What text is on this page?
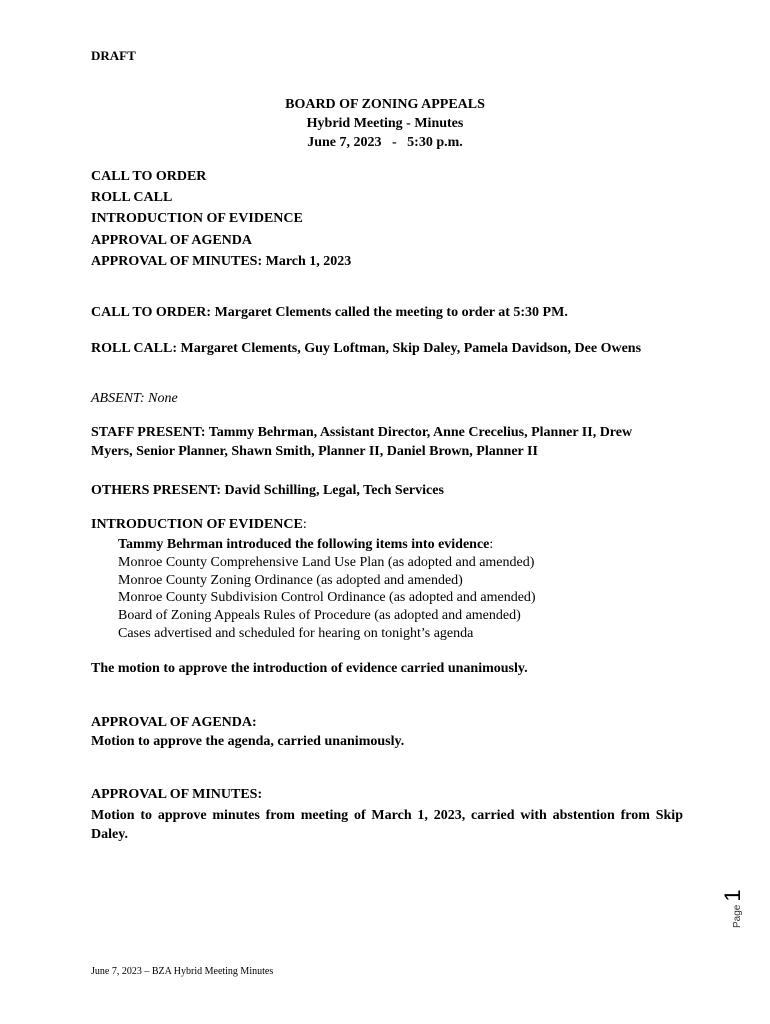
DRAFT
BOARD OF ZONING APPEALS
Hybrid Meeting - Minutes
June 7, 2023   -   5:30 p.m.
CALL TO ORDER
ROLL CALL
INTRODUCTION OF EVIDENCE
APPROVAL OF AGENDA
APPROVAL OF MINUTES: March 1, 2023
CALL TO ORDER: Margaret Clements called the meeting to order at 5:30 PM.
ROLL CALL: Margaret Clements, Guy Loftman, Skip Daley, Pamela Davidson, Dee Owens
ABSENT: None
STAFF PRESENT: Tammy Behrman, Assistant Director, Anne Crecelius, Planner II, Drew Myers, Senior Planner, Shawn Smith, Planner II, Daniel Brown, Planner II
OTHERS PRESENT: David Schilling, Legal, Tech Services
INTRODUCTION OF EVIDENCE:
Tammy Behrman introduced the following items into evidence:
Monroe County Comprehensive Land Use Plan (as adopted and amended)
Monroe County Zoning Ordinance (as adopted and amended)
Monroe County Subdivision Control Ordinance (as adopted and amended)
Board of Zoning Appeals Rules of Procedure (as adopted and amended)
Cases advertised and scheduled for hearing on tonight’s agenda
The motion to approve the introduction of evidence carried unanimously.
APPROVAL OF AGENDA:
Motion to approve the agenda, carried unanimously.
APPROVAL OF MINUTES:
Motion to approve minutes from meeting of March 1, 2023, carried with abstention from Skip Daley.
Page1
June 7, 2023 – BZA Hybrid Meeting Minutes
